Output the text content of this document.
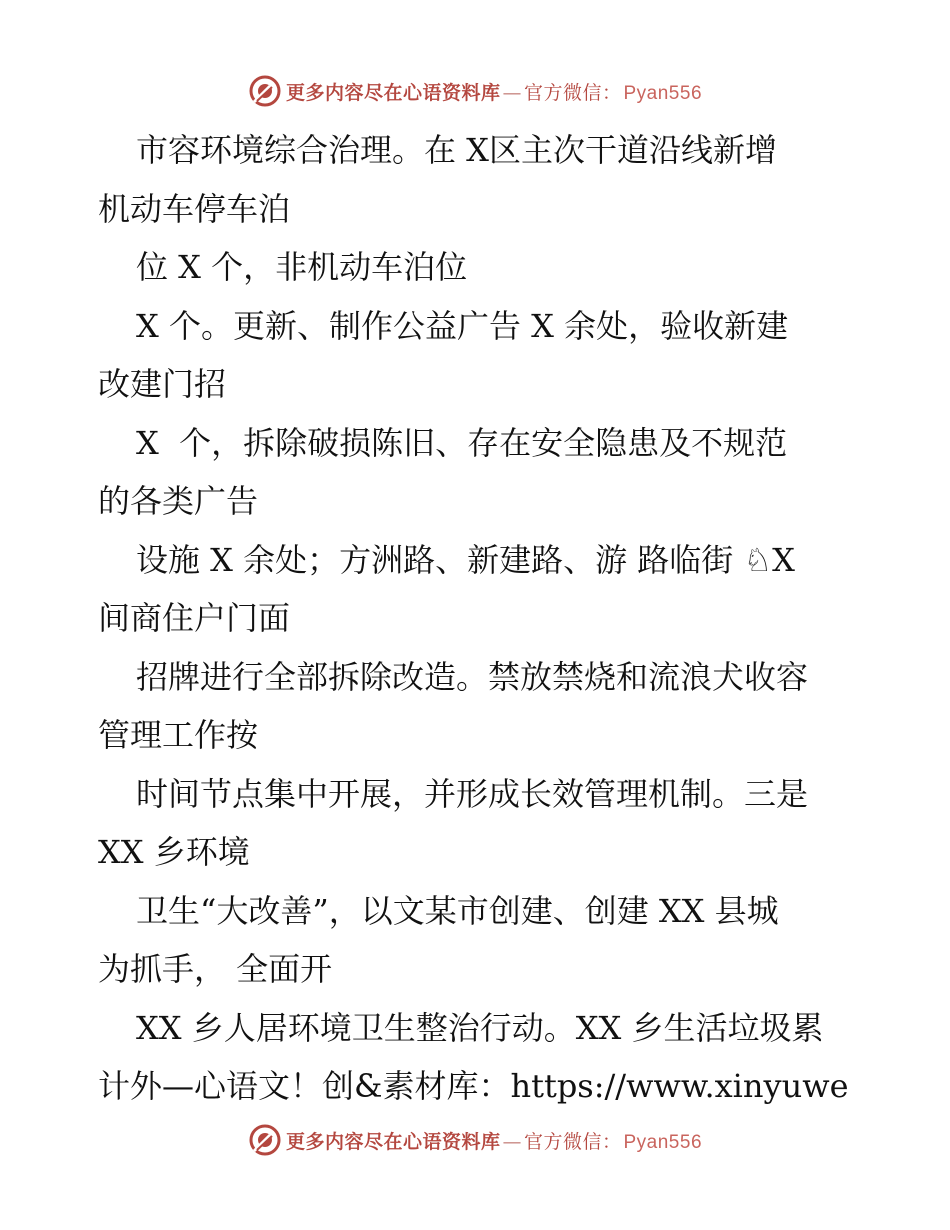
更多内容尽在心语资料库 — 官方微信： Pyan556

市容环境综合治理。在 X区主次干道沿线新增

机动车停车泊

位 X 个，非机动车泊位

X 个。更新、制作公益广告 X 余处，验收新建

改建门招

X  个，拆除破损陈旧、存在安全隐患及不规范

的各类广告

设施 X 余处；方洲路、新建路、游 路临街 ♘X

间商住户门面

招牌进行全部拆除改造。禁放禁烧和流浪犬收容

管理工作按

时间节点集中开展，并形成长效管理机制。三是

XX 乡环境

卫生“大改善”，以文某市创建、创建 XX 县城

为抓手， 全面开

XX 乡人居环境卫生整治行动。XX 乡生活垃圾累

计外—心语文！创&素材库：https://www.xinyuwe

更多内容尽在心语资料库 — 官方微信： Pyan556
